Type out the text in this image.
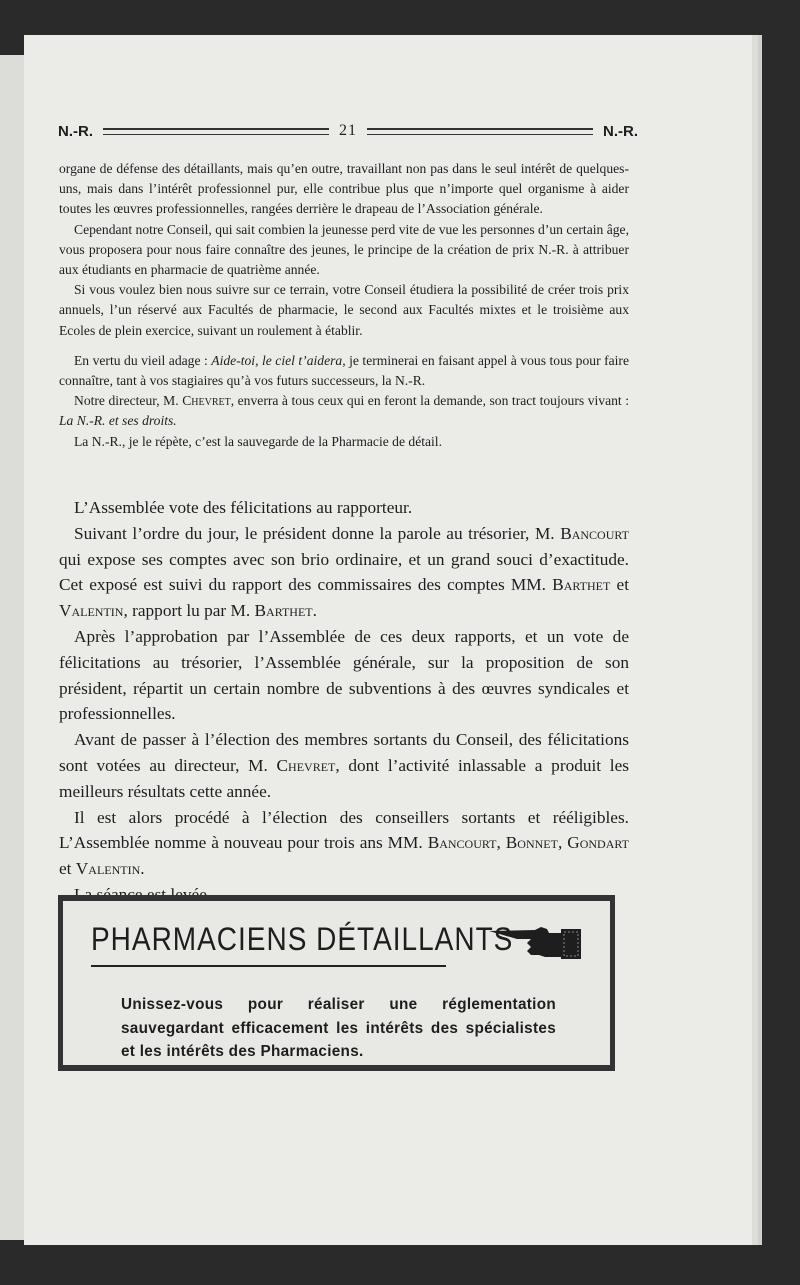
N.-R.	21	N.-R.

organe de défense des détaillants, mais qu’en outre, travaillant non pas dans le seul intérêt de quelques-uns, mais dans l’intérêt professionnel pur, elle contribue plus que n’importe quel organisme à aider toutes les œuvres professionnelles, rangées derrière le drapeau de l’Association générale.

Cependant notre Conseil, qui sait combien la jeunesse perd vite de vue les personnes d’un certain âge, vous proposera pour nous faire connaître des jeunes, le principe de la création de prix N.-R. à attribuer aux étudiants en pharmacie de quatrième année.

Si vous voulez bien nous suivre sur ce terrain, votre Conseil étudiera la possibilité de créer trois prix annuels, l’un réservé aux Facultés de pharmacie, le second aux Facultés mixtes et le troisième aux Ecoles de plein exercice, suivant un roulement à établir.

En vertu du vieil adage : Aide-toi, le ciel t’aidera, je terminerai en faisant appel à vous tous pour faire connaître, tant à vos stagiaires qu’à vos futurs successeurs, la N.-R.

Notre directeur, M. Chevret, enverra à tous ceux qui en feront la demande, son tract toujours vivant : La N.-R. et ses droits.

La N.-R., je le répète, c’est la sauvegarde de la Pharmacie de détail.

L’Assemblée vote des félicitations au rapporteur.

Suivant l’ordre du jour, le président donne la parole au trésorier, M. Bancourt qui expose ses comptes avec son brio ordinaire, et un grand souci d’exactitude. Cet exposé est suivi du rapport des commissaires des comptes MM. Barthet et Valentin, rapport lu par M. Barthet.

Après l’approbation par l’Assemblée de ces deux rapports, et un vote de félicitations au trésorier, l’Assemblée générale, sur la proposition de son président, répartit un certain nombre de subventions à des œuvres syndicales et professionnelles.

Avant de passer à l’élection des membres sortants du Conseil, des félicitations sont votées au directeur, M. Chevret, dont l’activité inlassable a produit les meilleurs résultats cette année.

Il est alors procédé à l’élection des conseillers sortants et rééligibles. L’Assemblée nomme à nouveau pour trois ans MM. Bancourt, Bonnet, Gondart et Valentin.

PHARMACIENS DÉTAILLANTS
Unissez-vous pour réaliser une réglementation sauvegardant efficacement les intérêts des spécialistes et les intérêts des Pharmaciens.
